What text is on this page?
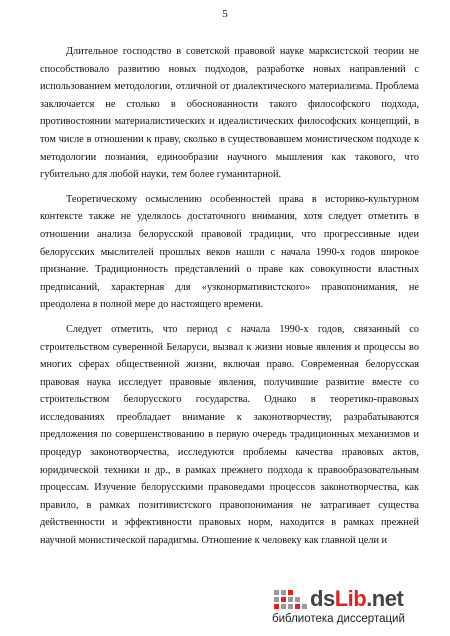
5

Длительное господство в советской правовой науке марксистской теории не способствовало развитию новых подходов, разработке новых направлений с использованием методологии, отличной от диалектического материализма. Проблема заключается не столько в обоснованности такого философского подхода, противостоянии материалистических и идеалистических философских концепций, в том числе в отношении к праву, сколько в существовавшем монистическом подходе к методологии познания, единообразии научного мышления как такового, что губительно для любой науки, тем более гуманитарной.

Теоретическому осмыслению особенностей права в историко-культурном контексте также не уделялось достаточного внимания, хотя следует отметить в отношении анализа белорусской правовой традиции, что прогрессивные идеи белорусских мыслителей прошлых веков нашли с начала 1990-х годов широкое признание. Традиционность представлений о праве как совокупности властных предписаний, характерная для «узконормативистского» правопонимания, не преодолена в полной мере до настоящего времени.

Следует отметить, что период с начала 1990-х годов, связанный со строительством суверенной Беларуси, вызвал к жизни новые явления и процессы во многих сферах общественной жизни, включая право. Современная белорусская правовая наука исследует правовые явления, получившие развитие вместе со строительством белорусского государства. Однако в теоретико-правовых исследованиях преобладает внимание к законотворчеству, разрабатываются предложения по совершенствованию в первую очередь традиционных механизмов и процедур законотворчества, исследуются проблемы качества правовых актов, юридической техники и др., в рамках прежнего подхода к правообразовательным процессам. Изучение белорусскими правоведами процессов законотворчества, как правило, в рамках позитивистского правопонимания не затрагивает существа действенности и эффективности правовых норм, находится в рамках прежней научной монистической парадигмы. Отношение к человеку как главной цели и

dsLib.net
библиотека диссертаций
